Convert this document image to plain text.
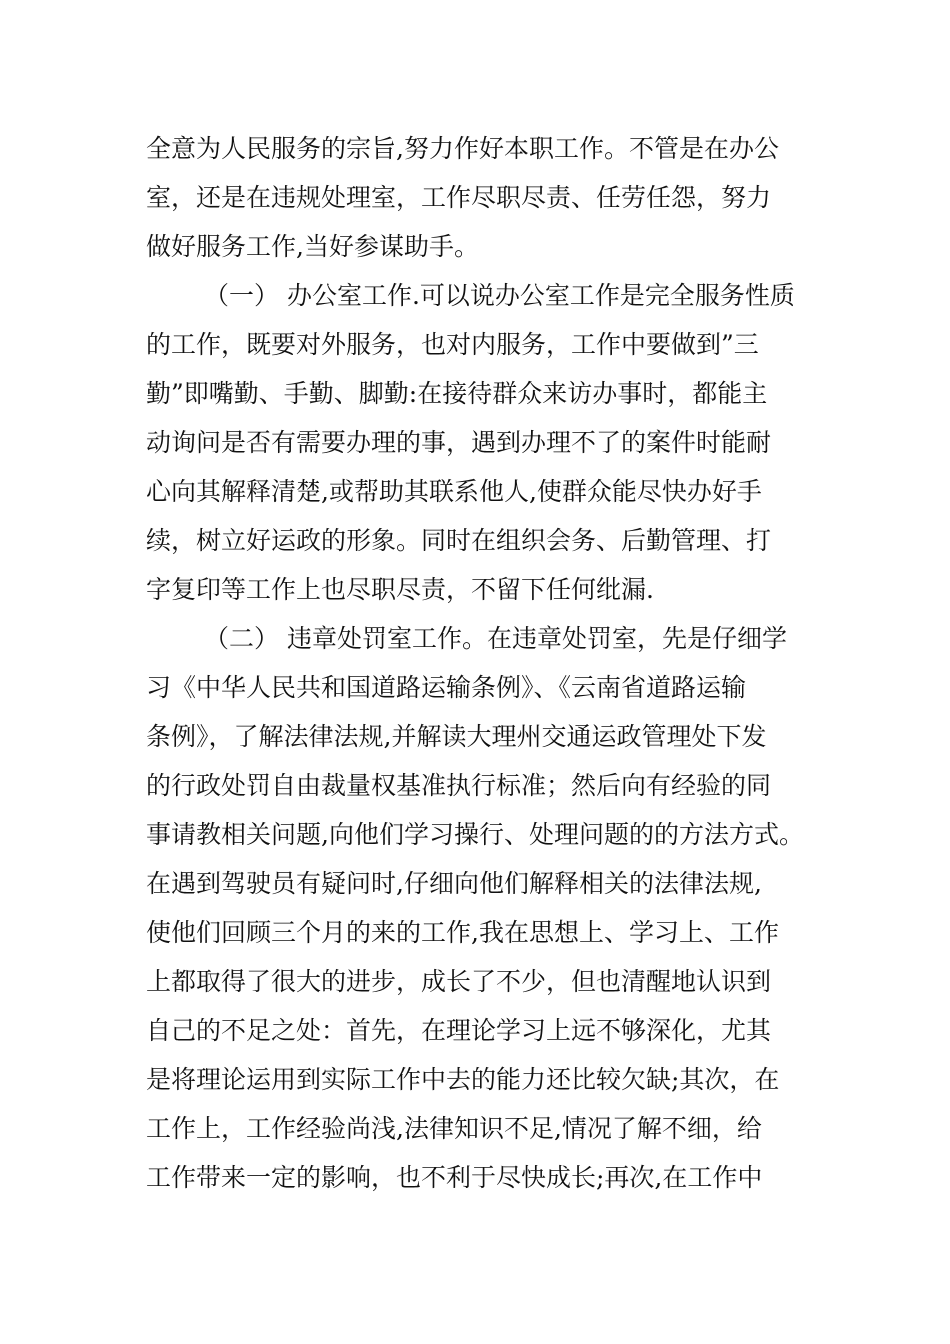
全意为人民服务的宗旨,努力作好本职工作。不管是在办公
室，还是在违规处理室，工作尽职尽责、任劳任怨，努力
做好服务工作,当好参谋助手。
（一） 办公室工作.可以说办公室工作是完全服务性质
的工作，既要对外服务，也对内服务，工作中要做到”三
勤”即嘴勤、手勤、脚勤:在接待群众来访办事时，都能主
动询问是否有需要办理的事，遇到办理不了的案件时能耐
心向其解释清楚,或帮助其联系他人,使群众能尽快办好手
续，树立好运政的形象。同时在组织会务、后勤管理、打
字复印等工作上也尽职尽责，不留下任何纰漏.
（二） 违章处罚室工作。在违章处罚室，先是仔细学
习《中华人民共和国道路运输条例》、《云南省道路运输
条例》，了解法律法规,并解读大理州交通运政管理处下发
的行政处罚自由裁量权基准执行标准；然后向有经验的同
事请教相关问题,向他们学习操行、处理问题的的方法方式。
在遇到驾驶员有疑问时,仔细向他们解释相关的法律法规,
使他们回顾三个月的来的工作,我在思想上、学习上、工作
上都取得了很大的进步，成长了不少，但也清醒地认识到
自己的不足之处：首先，在理论学习上远不够深化，尤其
是将理论运用到实际工作中去的能力还比较欠缺;其次，在
工作上，工作经验尚浅,法律知识不足,情况了解不细，给
工作带来一定的影响，也不利于尽快成长;再次,在工作中
